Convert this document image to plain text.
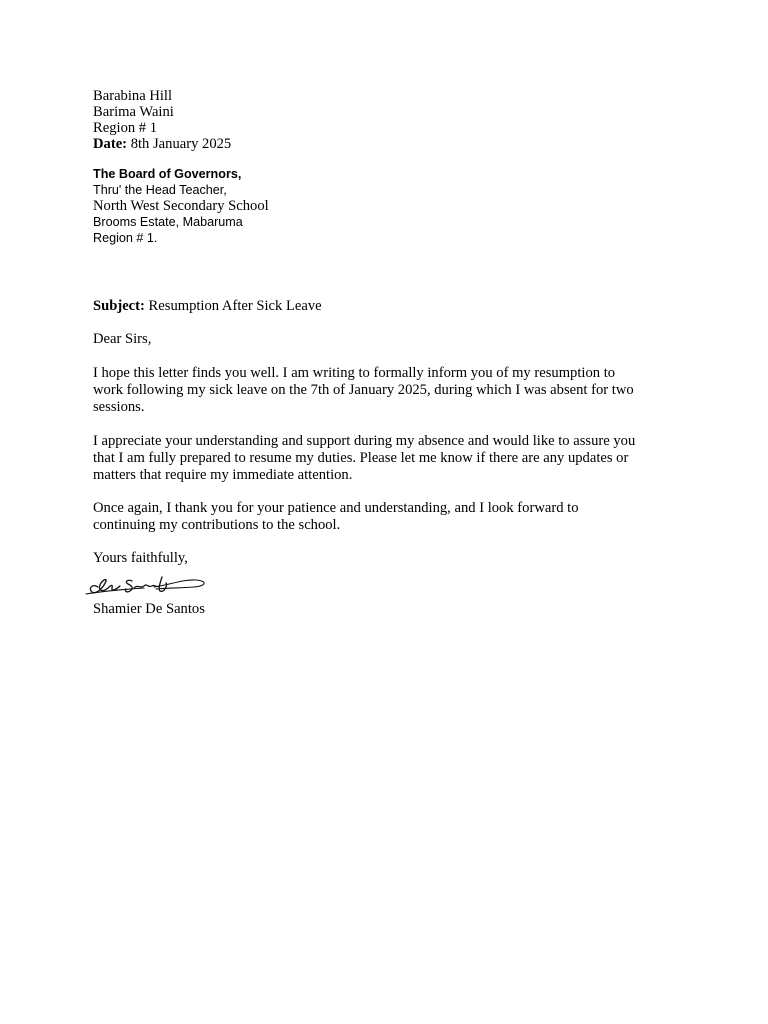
Barabina Hill
Barima Waini
Region # 1
Date: 8th January 2025
The Board of Governors,
Thru' the Head Teacher,
North West Secondary School
Brooms Estate, Mabaruma
Region # 1.
Subject: Resumption After Sick Leave
Dear Sirs,
I hope this letter finds you well. I am writing to formally inform you of my resumption to
work following my sick leave on the 7th of January 2025, during which I was absent for two
sessions.
I appreciate your understanding and support during my absence and would like to assure you
that I am fully prepared to resume my duties. Please let me know if there are any updates or
matters that require my immediate attention.
Once again, I thank you for your patience and understanding, and I look forward to
continuing my contributions to the school.
Yours faithfully,
Shamier De Santos
